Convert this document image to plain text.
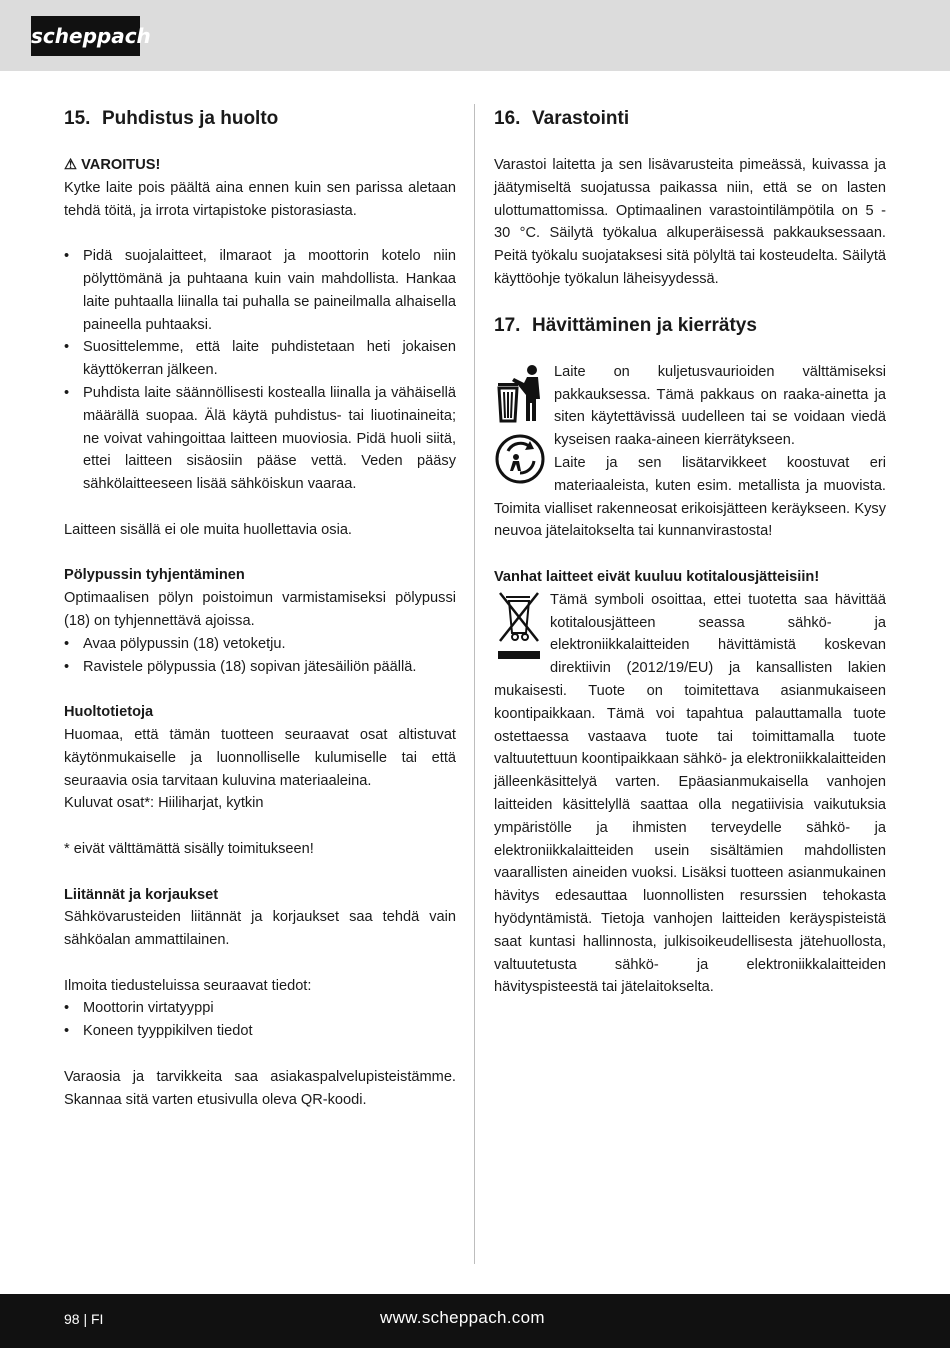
scheppach
15. Puhdistus ja huolto
⚠ VAROITUS!

Kytke laite pois päältä aina ennen kuin sen parissa aletaan tehdä töitä, ja irrota virtapistoke pistorasiasta.

• Pidä suojalaitteet, ilmaraot ja moottorin kotelo niin pölyttömänä ja puhtaana kuin vain mahdollista. Hankaa laite puhtaalla liinalla tai puhalla se paineilmalla alhaisella paineella puhtaaksi.
• Suosittelemme, että laite puhdistetaan heti jokaisen käyttökerran jälkeen.
• Puhdista laite säännöllisesti kostealla liinalla ja vähäisellä määrällä suopaa. Älä käytä puhdistus- tai liuotinaineita; ne voivat vahingoittaa laitteen muoviosia. Pidä huoli siitä, ettei laitteen sisäosiin pääse vettä. Veden pääsy sähkölaitteeseen lisää sähköiskun vaaraa.

Laitteen sisällä ei ole muita huollettavia osia.

Pölypussin tyhjentäminen

Optimaalisen pölyn poistoimun varmistamiseksi pölypussi (18) on tyhjennettävä ajoissa.

• Avaa pölypussin (18) vetoketju.
• Ravistele pölypussia (18) sopivan jätesäiliön päällä.
Huoltotietoja

Huomaa, että tämän tuotteen seuraavat osat altistuvat käytönmukaiselle ja luonnolliselle kulumiselle tai että seuraavia osia tarvitaan kuluvina materiaaleina.

Kuluvat osat*: Hiiliharjat, kytkin

* eivät välttämättä sisälly toimitukseen!

Liitännät ja korjaukset

Sähkövarusteiden liitännät ja korjaukset saa tehdä vain sähköalan ammattilainen.

Ilmoita tiedusteluissa seuraavat tiedot:

• Moottorin virtatyyppi
• Koneen tyyppikilven tiedot

Varaosia ja tarvikkeita saa asiakaspalvelupisteistämme. Skannaa sitä varten etusivulla oleva QR-koodi.

16. Varastointi

Varastoi laitetta ja sen lisävarusteita pimeässä, kuivassa ja jäätymiseltä suojatussa paikassa niin, että se on lasten ulottumattomissa. Optimaalinen varastointilämpötila on 5 - 30 °C. Säilytä työkalua alkuperäisessä pakkauksessaan. Peitä työkalu suojataksesi sitä pölyltä tai kosteudelta. Säilytä käyttöohje työkalun läheisyydessä.

17. Hävittäminen ja kierrätys

Laite on kuljetusvaurioiden välttämiseksi pakkauksessa. Tämä pakkaus on raaka-ainetta ja siten käytettävissä uudelleen tai se voidaan viedä kyseisen raaka-aineen kierrätykseen.

Laite ja sen lisätarvikkeet koostuvat eri materiaaleista, kuten esim. metallista ja muovista. Toimita vialliset rakenneosat erikoisjätteen keräykseen. Kysy neuvoa jätelaitokselta tai kunnanvirastosta!

Vanhat laitteet eivät kuuluu kotitalousjätteisiin!

Tämä symboli osoittaa, ettei tuotetta saa hävittää kotitalousjätteen seassa sähkö- ja elektroniikkalaitteiden hävittämistä koskevan direktiivin (2012/19/EU) ja kansallisten lakien mukaisesti. Tuote on toimitettava asianmukaiseen koontipaikkaan. Tämä voi tapahtua palauttamalla tuote ostettaessa vastaava tuote tai toimittamalla tuote valtuutettuun koontipaikkaan sähkö- ja elektroniikkalaitteiden jälleenkäsittelyä varten. Epäasianmukaisella vanhojen laitteiden käsittelyllä saattaa olla negatiivisia vaikutuksia ympäristölle ja ihmisten terveydelle sähkö- ja elektroniikkalaitteiden usein sisältämien mahdollisten vaarallisten aineiden vuoksi. Lisäksi tuotteen asianmukainen hävitys edesauttaa luonnollisten resurssien tehokasta hyödyntämistä. Tietoja vanhojen laitteiden keräyspisteistä saat kuntasi hallinnosta, julkisoikeudellisesta jätehuollosta, valtuutetusta sähkö- ja elektroniikkalaitteiden hävityspisteestä tai jätelaitokselta.

98 | FI	www.scheppach.com
